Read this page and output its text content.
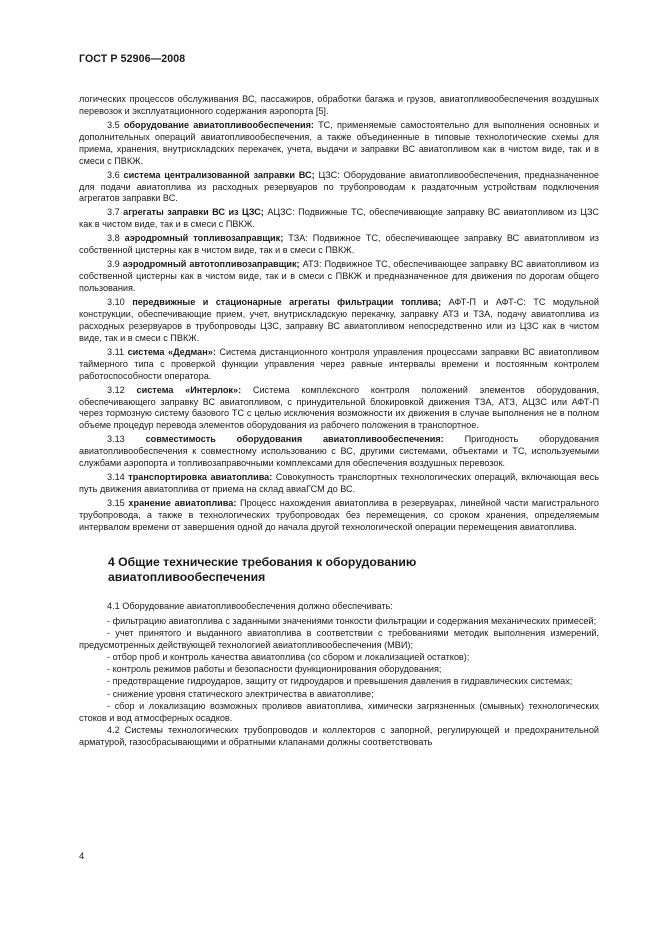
ГОСТ Р 52906—2008

логических процессов обслуживания ВС, пассажиров, обработки багажа и грузов, авиатопливообеспечения воздушных перевозок и эксплуатационного содержания аэропорта [5].

3.5 оборудование авиатопливообеспечения: ТС, применяемые самостоятельно для выполнения основных и дополнительных операций авиатопливообеспечения, а также объединенные в типовые технологические схемы для приема, хранения, внутрискладских перекачек, учета, выдачи и заправки ВС авиатопливом как в чистом виде, так и в смеси с ПВКЖ.

3.6 система централизованной заправки ВС; ЦЗС: Оборудование авиатопливообеспечения, предназначенное для подачи авиатоплива из расходных резервуаров по трубопроводам к раздаточным устройствам подключения агрегатов заправки ВС.

3.7 агрегаты заправки ВС из ЦЗС; АЦЗС: Подвижные ТС, обеспечивающие заправку ВС авиатопливом из ЦЗС как в чистом виде, так и в смеси с ПВКЖ.

3.8 аэродромный топливозаправщик; ТЗА: Подвижное ТС, обеспечивающее заправку ВС авиатопливом из собственной цистерны как в чистом виде, так и в смеси с ПВКЖ.

3.9 аэродромный автотопливозаправщик; АТЗ: Подвижное ТС, обеспечивающее заправку ВС авиатопливом из собственной цистерны как в чистом виде, так и в смеси с ПВКЖ и предназначенное для движения по дорогам общего пользования.

3.10 передвижные и стационарные агрегаты фильтрации топлива; АФТ-П и АФТ-С: ТС модульной конструкции, обеспечивающие прием, учет, внутрискладскую перекачку, заправку АТЗ и ТЗА, подачу авиатоплива из расходных резервуаров в трубопроводы ЦЗС, заправку ВС авиатопливом непосредственно или из ЦЗС как в чистом виде, так и в смеси с ПВКЖ.

3.11 система «Дедман»: Система дистанционного контроля управления процессами заправки ВС авиатопливом таймерного типа с проверкой функции управления через равные интервалы времени и постоянным контролем работоспособности оператора.

3.12 система «Интерлок»: Система комплексного контроля положений элементов оборудования, обеспечивающего заправку ВС авиатопливом, с принудительной блокировкой движения ТЗА, АТЗ, АЦЗС или АФТ-П через тормозную систему базового ТС с целью исключения возможности их движения в случае выполнения не в полном объеме процедур перевода элементов оборудования из рабочего положения в транспортное.

3.13 совместимость оборудования авиатопливообеспечения: Пригодность оборудования авиатопливообеспечения к совместному использованию с ВС, другими системами, объектами и ТС, используемыми службами аэропорта и топливозаправочными комплексами для обеспечения воздушных перевозок.

3.14 транспортировка авиатоплива: Совокупность транспортных технологических операций, включающая весь путь движения авиатоплива от приема на склад авиаГСМ до ВС.

3.15 хранение авиатоплива: Процесс нахождения авиатоплива в резервуарах, линейной части магистрального трубопровода, а также в технологических трубопроводах без перемещения, со сроком хранения, определяемым интервалом времени от завершения одной до начала другой технологической операции перемещения авиатоплива.

4 Общие технические требования к оборудованию
авиатопливообеспечения

4.1 Оборудование авиатопливообеспечения должно обеспечивать:

- фильтрацию авиатоплива с заданными значениями тонкости фильтрации и содержания механических примесей;

- учет принятого и выданного авиатоплива в соответствии с требованиями методик выполнения измерений, предусмотренных действующей технологией авиатопливообеспечения (МВИ);

- отбор проб и контроль качества авиатоплива (со сбором и локализацией остатков);

- контроль режимов работы и безопасности функционирования оборудования;

- предотвращение гидроударов, защиту от гидроударов и превышения давления в гидравлических системах;

- снижение уровня статического электричества в авиатопливе;

- сбор и локализацию возможных проливов авиатоплива, химически загрязненных (смывных) технологических стоков и вод атмосферных осадков.

4.2 Системы технологических трубопроводов и коллекторов с запорной, регулирующей и предохранительной арматурой, газосбрасывающими и обратными клапанами должны соответствовать

4
